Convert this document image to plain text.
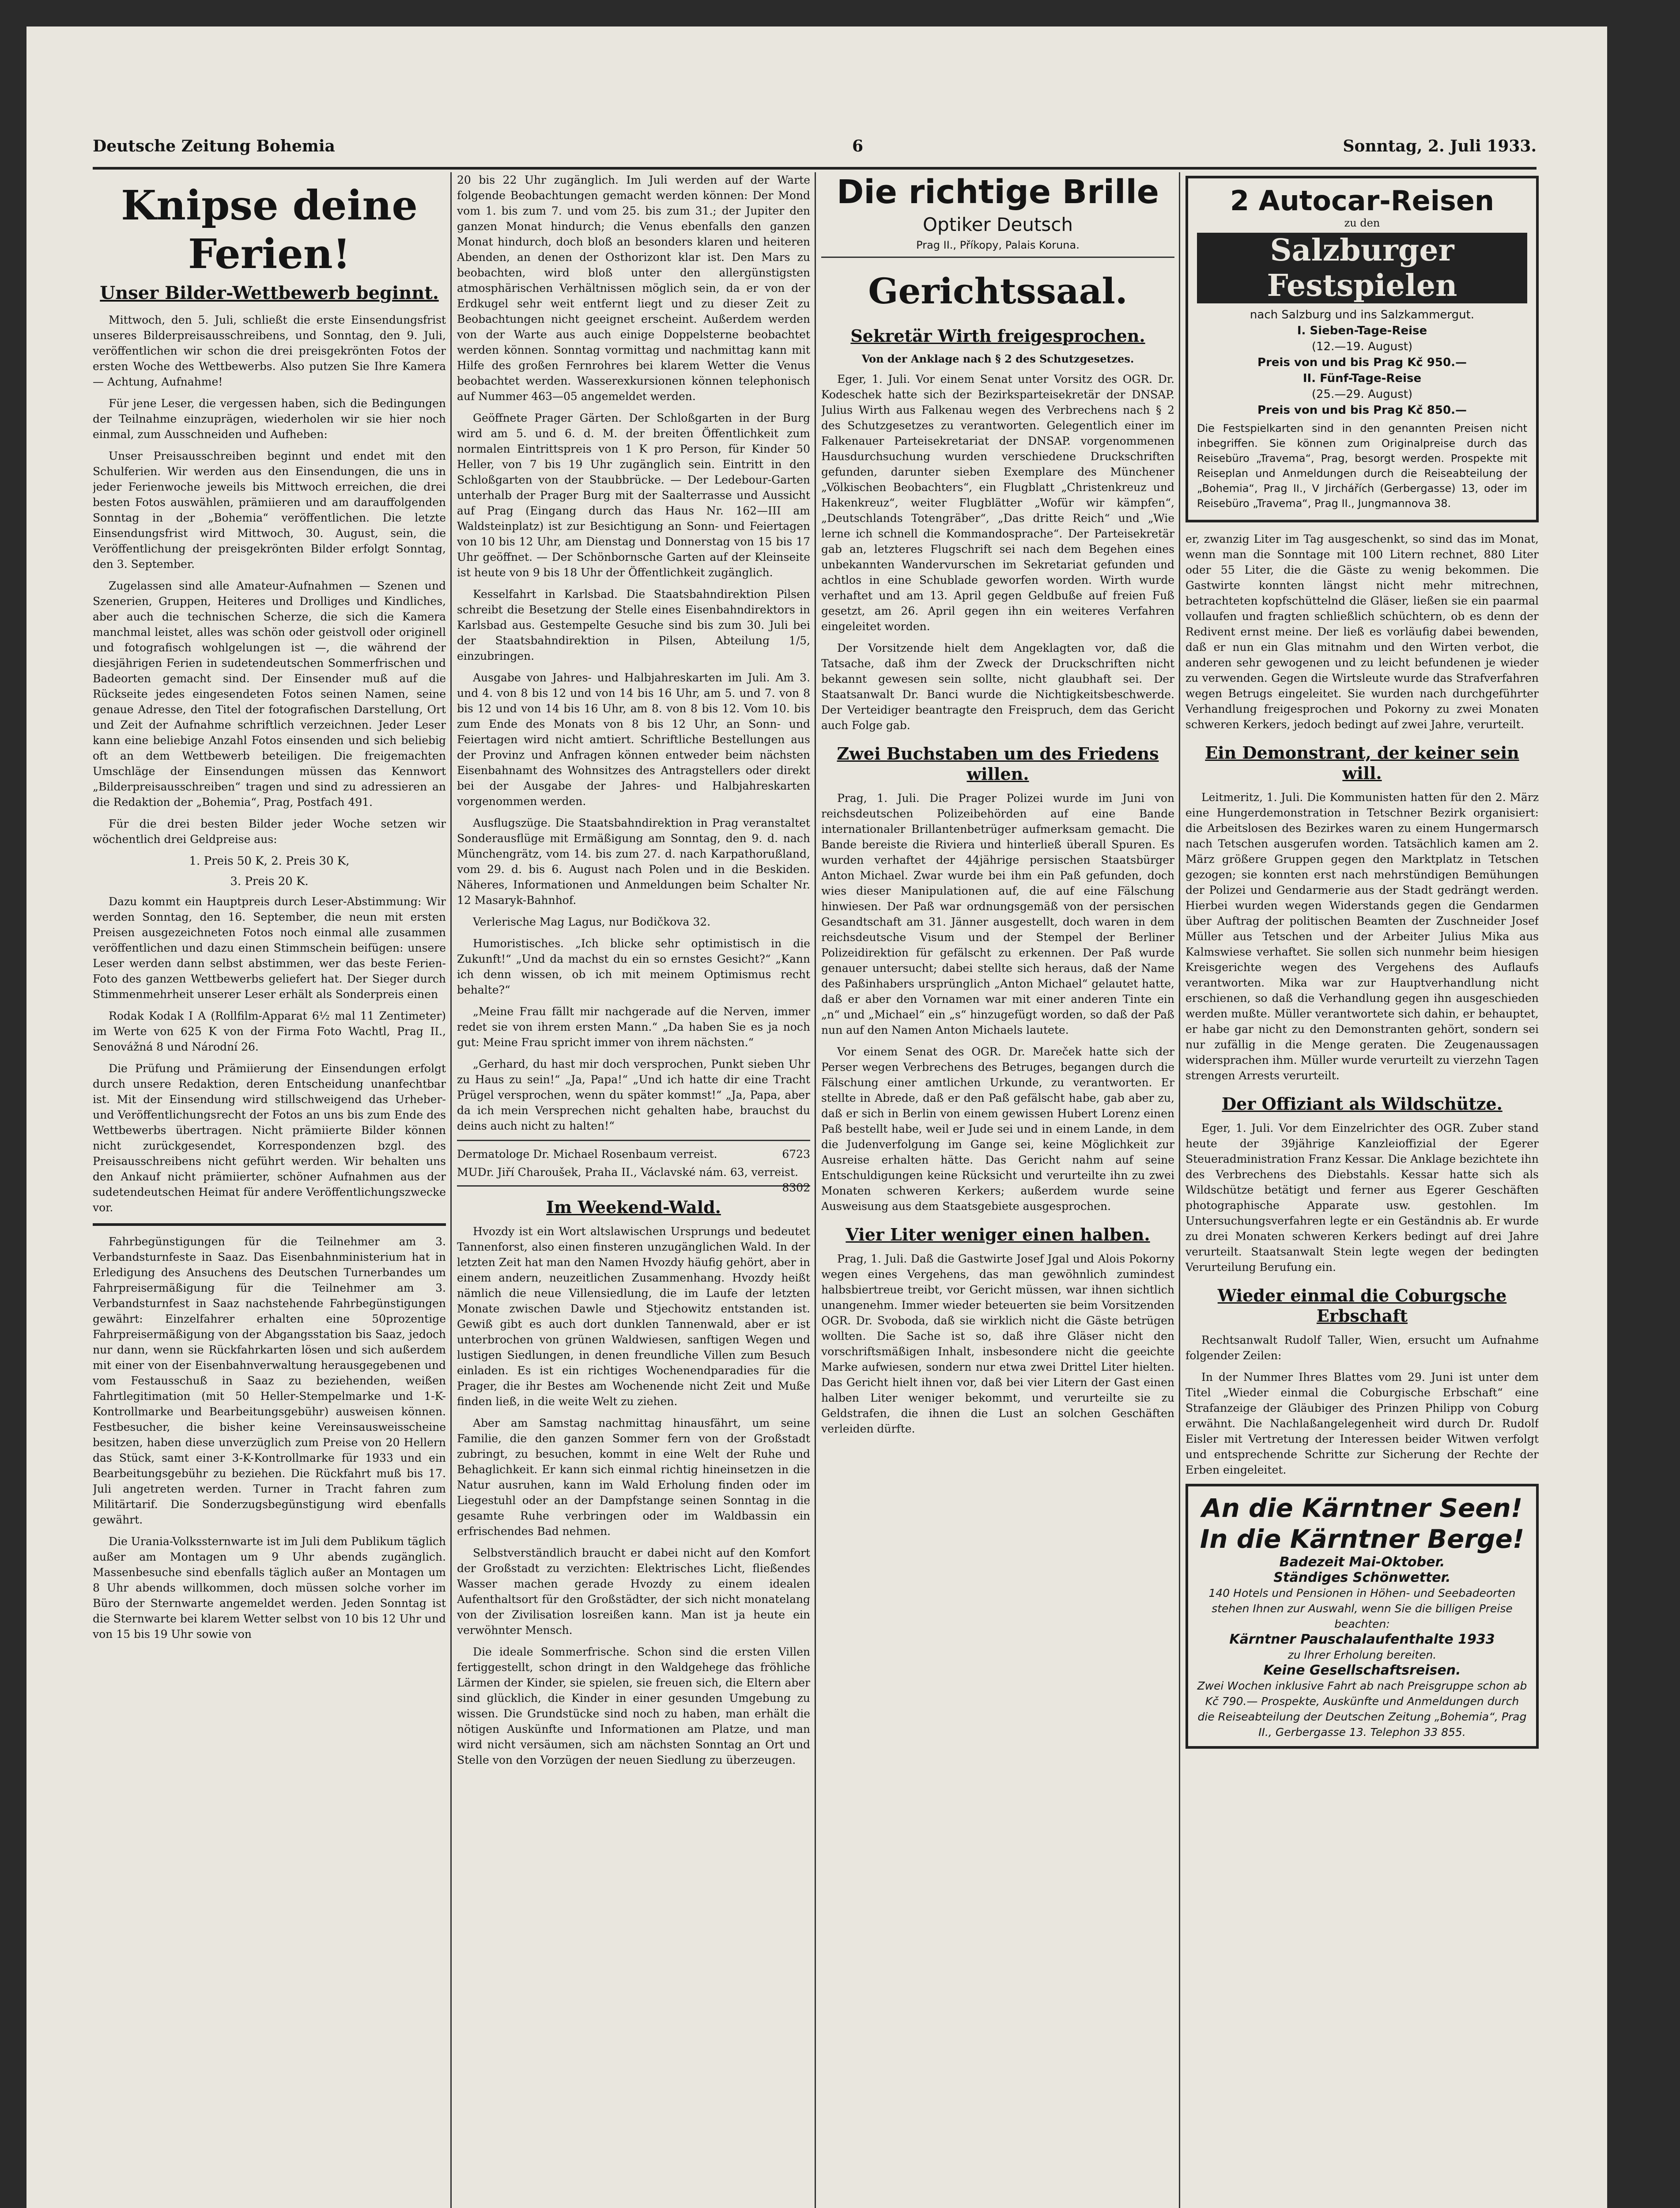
Deutsche Zeitung Bohemia	6	Sonntag, 2. Juli 1933.
Knipse deine Ferien!
Unser Bilder-Wettbewerb beginnt.

Mittwoch, den 5. Juli, schließt die erste Einsendungsfrist unseres Bilderpreisausschreibens, und Sonntag, den 9. Juli, veröffentlichen wir schon die drei preisgekrönten Fotos der ersten Woche des Wettbewerbs. Also putzen Sie Ihre Kamera — Achtung, Aufnahme!

Für jene Leser, die vergessen haben, sich die Bedingungen der Teilnahme einzuprägen, wiederholen wir sie hier noch einmal, zum Ausschneiden und Aufheben:

Unser Preisausschreiben beginnt und endet mit den Schulferien. Wir werden aus den Einsendungen, die uns in jeder Ferienwoche jeweils bis Mittwoch erreichen, die drei besten Fotos auswählen, prämiieren und am darauffolgenden Sonntag in der „Bohemia“ veröffentlichen. Die letzte Einsendungsfrist wird Mittwoch, 30. August, sein, die Veröffentlichung der preisgekrönten Bilder erfolgt Sonntag, den 3. September.

Zugelassen sind alle Amateur-Aufnahmen — Szenen und Szenerien, Gruppen, Heiteres und Drolliges und Kindliches, aber auch die technischen Scherze, die sich die Kamera manchmal leistet, alles was schön oder geistvoll oder originell und fotografisch wohlgelungen ist —, die während der diesjährigen Ferien in sudetendeutschen Sommerfrischen und Badeorten gemacht sind. Der Einsender muß auf die Rückseite jedes eingesendeten Fotos seinen Namen, seine genaue Adresse, den Titel der fotografischen Darstellung, Ort und Zeit der Aufnahme schriftlich verzeichnen. Jeder Leser kann eine beliebige Anzahl Fotos einsenden und sich beliebig oft an dem Wettbewerb beteiligen. Die freigemachten Umschläge der Einsendungen müssen das Kennwort „Bilderpreisausschreiben“ tragen und sind zu adressieren an die Redaktion der „Bohemia“, Prag, Postfach 491.

Für die drei besten Bilder jeder Woche setzen wir wöchentlich drei Geldpreise aus:

1. Preis 50 K, 2. Preis 30 K,
3. Preis 20 K.

Dazu kommt ein Hauptpreis durch Leser-Abstimmung: Wir werden Sonntag, den 16. September, die neun mit ersten Preisen ausgezeichneten Fotos noch einmal alle zusammen veröffentlichen und dazu einen Stimmschein beifügen: unsere Leser werden dann selbst abstimmen, wer das beste Ferien-Foto des ganzen Wettbewerbs geliefert hat. Der Sieger durch Stimmenmehrheit unserer Leser erhält als Sonderpreis einen

Rodak Kodak I A (Rollfilm-Apparat 6½ mal 11 Zentimeter) im Werte von 625 K von der Firma Foto Wachtl, Prag II., Senovážná 8 und Národní 26.

Die Prüfung und Prämiierung der Einsendungen erfolgt durch unsere Redaktion, deren Entscheidung unanfechtbar ist. Mit der Einsendung wird stillschweigend das Urheber- und Veröffentlichungsrecht der Fotos an uns bis zum Ende des Wettbewerbs übertragen. Nicht prämiierte Bilder können nicht zurückgesendet, Korrespondenzen bzgl. des Preisausschreibens nicht geführt werden. Wir behalten uns den Ankauf nicht prämiierter, schöner Aufnahmen aus der sudetendeutschen Heimat für andere Veröffentlichungszwecke vor.

Fahrbegünstigungen für die Teilnehmer am 3. Verbandsturnfeste in Saaz. Das Eisenbahnministerium hat in Erledigung des Ansuchens des Deutschen Turnerbandes um Fahrpreisermäßigung für die Teilnehmer am 3. Verbandsturnfest in Saaz nachstehende Fahrbegünstigungen gewährt: Einzelfahrer erhalten eine 50prozentige Fahrpreisermäßigung von der Abgangsstation bis Saaz, jedoch nur dann, wenn sie Rückfahrkarten lösen und sich außerdem mit einer von der Eisenbahnverwaltung herausgegebenen und vom Festausschuß in Saaz zu beziehenden, weißen Fahrtlegitimation (mit 50 Heller-Stempelmarke und 1-K-Kontrollmarke und Bearbeitungsgebühr) ausweisen können. Festbesucher, die bisher keine Vereinsausweisscheine besitzen, haben diese unverzüglich zum Preise von 20 Hellern das Stück, samt einer 3-K-Kontrollmarke für 1933 und ein Bearbeitungsgebühr zu beziehen. Die Rückfahrt muß bis 17. Juli angetreten werden. Turner in Tracht fahren zum Militärtarif. Die Sonderzugsbegünstigung wird ebenfalls gewährt.

Die Urania-Volkssternwarte ist im Juli dem Publikum täglich außer am Montagen um 9 Uhr abends zugänglich. Massenbesuche sind ebenfalls täglich außer an Montagen um 8 Uhr abends willkommen, doch müssen solche vorher im Büro der Sternwarte angemeldet werden. Jeden Sonntag ist die Sternwarte bei klarem Wetter selbst von 10 bis 12 Uhr und von 15 bis 19 Uhr sowie von

20 bis 22 Uhr zugänglich. Im Juli werden auf der Warte folgende Beobachtungen gemacht werden können: Der Mond vom 1. bis zum 7. und vom 25. bis zum 31.; der Jupiter den ganzen Monat hindurch; die Venus ebenfalls den ganzen Monat hindurch, doch bloß an besonders klaren und heiteren Abenden, an denen der Osthorizont klar ist. Den Mars zu beobachten, wird bloß unter den allergünstigsten atmosphärischen Verhältnissen möglich sein, da er von der Erdkugel sehr weit entfernt liegt und zu dieser Zeit zu Beobachtungen nicht geeignet erscheint. Außerdem werden von der Warte aus auch einige Doppelsterne beobachtet werden können. Sonntag vormittag und nachmittag kann mit Hilfe des großen Fernrohres bei klarem Wetter die Venus beobachtet werden. Wasserexkursionen können telephonisch auf Nummer 463—05 angemeldet werden.

Geöffnete Prager Gärten. Der Schloßgarten in der Burg wird am 5. und 6. d. M. der breiten Öffentlichkeit zum normalen Eintrittspreis von 1 K pro Person, für Kinder 50 Heller, von 7 bis 19 Uhr zugänglich sein. Eintritt in den Schloßgarten von der Staubbrücke. — Der Ledebour-Garten unterhalb der Prager Burg mit der Saalterrasse und Aussicht auf Prag (Eingang durch das Haus Nr. 162—III am Waldsteinplatz) ist zur Besichtigung an Sonn- und Feiertagen von 10 bis 12 Uhr, am Dienstag und Donnerstag von 15 bis 17 Uhr geöffnet. — Der Schönbornsche Garten auf der Kleinseite ist heute von 9 bis 18 Uhr der Öffentlichkeit zugänglich.

Kesselfahrt in Karlsbad. Die Staatsbahndirektion Pilsen schreibt die Besetzung der Stelle eines Eisenbahndirektors in Karlsbad aus. Gestempelte Gesuche sind bis zum 30. Juli bei der Staatsbahndirektion in Pilsen, Abteilung 1/5, einzubringen.

Ausgabe von Jahres- und Halbjahreskarten im Juli. Am 3. und 4. von 8 bis 12 und von 14 bis 16 Uhr, am 5. und 7. von 8 bis 12 und von 14 bis 16 Uhr, am 8. von 8 bis 12. Vom 10. bis zum Ende des Monats von 8 bis 12 Uhr, an Sonn- und Feiertagen wird nicht amtiert. Schriftliche Bestellungen aus der Provinz und Anfragen können entweder beim nächsten Eisenbahnamt des Wohnsitzes des Antragstellers oder direkt bei der Ausgabe der Jahres- und Halbjahreskarten vorgenommen werden.

Ausflugszüge. Die Staatsbahndirektion in Prag veranstaltet Sonderausflüge mit Ermäßigung am Sonntag, den 9. d. nach Münchengrätz, vom 14. bis zum 27. d. nach Karpathorußland, vom 29. d. bis 6. August nach Polen und in die Beskiden. Näheres, Informationen und Anmeldungen beim Schalter Nr. 12 Masaryk-Bahnhof.

Verlerische Mag Lagus, nur Bodičkova 32.

Humoristisches. „Ich blicke sehr optimistisch in die Zukunft!“ „Und da machst du ein so ernstes Gesicht?“ „Kann ich denn wissen, ob ich mit meinem Optimismus recht behalte?“

„Meine Frau fällt mir nachgerade auf die Nerven, immer redet sie von ihrem ersten Mann.“ „Da haben Sie es ja noch gut: Meine Frau spricht immer von ihrem nächsten.“

„Gerhard, du hast mir doch versprochen, Punkt sieben Uhr zu Haus zu sein!“ „Ja, Papa!“ „Und ich hatte dir eine Tracht Prügel versprochen, wenn du später kommst!“ „Ja, Papa, aber da ich mein Versprechen nicht gehalten habe, brauchst du deins auch nicht zu halten!“

Dermatologe Dr. Michael Rosenbaum verreist.	6723
MUDr. Jiří Charoušek, Praha II., Václavské nám. 63, verreist.
8302
Im Weekend-Wald.

Hvozdy ist ein Wort altslawischen Ursprungs und bedeutet Tannenforst, also einen finsteren unzugänglichen Wald. In der letzten Zeit hat man den Namen Hvozdy häufig gehört, aber in einem andern, neuzeitlichen Zusammenhang. Hvozdy heißt nämlich die neue Villensiedlung, die im Laufe der letzten Monate zwischen Dawle und Stjechowitz entstanden ist. Gewiß gibt es auch dort dunklen Tannenwald, aber er ist unterbrochen von grünen Waldwiesen, sanftigen Wegen und lustigen Siedlungen, in denen freundliche Villen zum Besuch einladen. Es ist ein richtiges Wochenendparadies für die Prager, die ihr Bestes am Wochenende nicht Zeit und Muße finden ließ, in die weite Welt zu ziehen.

Aber am Samstag nachmittag hinausfährt, um seine Familie, die den ganzen Sommer fern von der Großstadt zubringt, zu besuchen, kommt in eine Welt der Ruhe und Behaglichkeit. Er kann sich einmal richtig hineinsetzen in die Natur ausruhen, kann im Wald Erholung finden oder im Liegestuhl oder an der Dampfstange seinen Sonntag in die gesamte Ruhe verbringen oder im Waldbassin ein erfrischendes Bad nehmen.

Selbstverständlich braucht er dabei nicht auf den Komfort der Großstadt zu verzichten: Elektrisches Licht, fließendes Wasser machen gerade Hvozdy zu einem idealen Aufenthaltsort für den Großstädter, der sich nicht monatelang von der Zivilisation losreißen kann. Man ist ja heute ein verwöhnter Mensch.

Die ideale Sommerfrische. Schon sind die ersten Villen fertiggestellt, schon dringt in den Waldgehege das fröhliche Lärmen der Kinder, sie spielen, sie freuen sich, die Eltern aber sind glücklich, die Kinder in einer gesunden Umgebung zu wissen. Die Grundstücke sind noch zu haben, man erhält die nötigen Auskünfte und Informationen am Platze, und man wird nicht versäumen, sich am nächsten Sonntag an Ort und Stelle von den Vorzügen der neuen Siedlung zu überzeugen.

Die richtige Brille
Optiker Deutsch
Prag II., Příkopy, Palais Koruna.
Gerichtssaal.
Sekretär Wirth freigesprochen.
Von der Anklage nach § 2 des Schutzgesetzes.

Eger, 1. Juli. Vor einem Senat unter Vorsitz des OGR. Dr. Kodeschek hatte sich der Bezirksparteisekretär der DNSAP. Julius Wirth aus Falkenau wegen des Verbrechens nach § 2 des Schutzgesetzes zu verantworten. Gelegentlich einer im Falkenauer Parteisekretariat der DNSAP. vorgenommenen Hausdurchsuchung wurden verschiedene Druckschriften gefunden, darunter sieben Exemplare des Münchener „Völkischen Beobachters“, ein Flugblatt „Christenkreuz und Hakenkreuz“, weiter Flugblätter „Wofür wir kämpfen“, „Deutschlands Totengräber“, „Das dritte Reich“ und „Wie lerne ich schnell die Kommandosprache“. Der Parteisekretär gab an, letzteres Flugschrift sei nach dem Begehen eines unbekannten Wandervurschen im Sekretariat gefunden und achtlos in eine Schublade geworfen worden. Wirth wurde verhaftet und am 13. April gegen Geldbuße auf freien Fuß gesetzt, am 26. April gegen ihn ein weiteres Verfahren eingeleitet worden.

Der Vorsitzende hielt dem Angeklagten vor, daß die Tatsache, daß ihm der Zweck der Druckschriften nicht bekannt gewesen sein sollte, nicht glaubhaft sei. Der Staatsanwalt Dr. Banci wurde die Nichtigkeitsbeschwerde. Der Verteidiger beantragte den Freispruch, dem das Gericht auch Folge gab.

Zwei Buchstaben um des Friedens willen.

Prag, 1. Juli. Die Prager Polizei wurde im Juni von reichsdeutschen Polizeibehörden auf eine Bande internationaler Brillantenbetrüger aufmerksam gemacht. Die Bande bereiste die Riviera und hinterließ überall Spuren. Es wurden verhaftet der 44jährige persischen Staatsbürger Anton Michael. Zwar wurde bei ihm ein Paß gefunden, doch wies dieser Manipulationen auf, die auf eine Fälschung hinwiesen. Der Paß war ordnungsgemäß von der persischen Gesandtschaft am 31. Jänner ausgestellt, doch waren in dem reichsdeutsche Visum und der Stempel der Berliner Polizeidirektion für gefälscht zu erkennen. Der Paß wurde genauer untersucht; dabei stellte sich heraus, daß der Name des Paßinhabers ursprünglich „Anton Michael“ gelautet hatte, daß er aber den Vornamen war mit einer anderen Tinte ein „n“ und „Michael“ ein „s“ hinzugefügt worden, so daß der Paß nun auf den Namen Anton Michaels lautete.

Vor einem Senat des OGR. Dr. Mareček hatte sich der Perser wegen Verbrechens des Betruges, begangen durch die Fälschung einer amtlichen Urkunde, zu verantworten. Er stellte in Abrede, daß er den Paß gefälscht habe, gab aber zu, daß er sich in Berlin von einem gewissen Hubert Lorenz einen Paß bestellt habe, weil er Jude sei und in einem Lande, in dem die Judenverfolgung im Gange sei, keine Möglichkeit zur Ausreise erhalten hätte. Das Gericht nahm auf seine Entschuldigungen keine Rücksicht und verurteilte ihn zu zwei Monaten schweren Kerkers; außerdem wurde seine Ausweisung aus dem Staatsgebiete ausgesprochen.

Vier Liter weniger einen halben.

Prag, 1. Juli. Daß die Gastwirte Josef Jgal und Alois Pokorny wegen eines Vergehens, das man gewöhnlich zumindest halbsbiertreue treibt, vor Gericht müssen, war ihnen sichtlich unangenehm. Immer wieder beteuerten sie beim Vorsitzenden OGR. Dr. Svoboda, daß sie wirklich nicht die Gäste betrügen wollten. Die Sache ist so, daß ihre Gläser nicht den vorschriftsmäßigen Inhalt, insbesondere nicht die geeichte Marke aufwiesen, sondern nur etwa zwei Drittel Liter hielten. Das Gericht hielt ihnen vor, daß bei vier Litern der Gast einen halben Liter weniger bekommt, und verurteilte sie zu Geldstrafen, die ihnen die Lust an solchen Geschäften verleiden dürfte.

2 Autocar-Reisen
zu den
Salzburger Festspielen
nach Salzburg und ins Salzkammergut.
I. Sieben-Tage-Reise
(12.—19. August)
Preis von und bis Prag Kč 950.—
II. Fünf-Tage-Reise
(25.—29. August)
Preis von und bis Prag Kč 850.—

Die Festspielkarten sind in den genannten Preisen nicht inbegriffen. Sie können zum Originalpreise durch das Reisebüro „Travema“, Prag, besorgt werden. Prospekte mit Reiseplan und Anmeldungen durch die Reiseabteilung der „Bohemia“, Prag II., V Jirchářích (Gerbergasse) 13, oder im Reisebüro „Travema“, Prag II., Jungmannova 38.

er, zwanzig Liter im Tag ausgeschenkt, so sind das im Monat, wenn man die Sonntage mit 100 Litern rechnet, 880 Liter oder 55 Liter, die die Gäste zu wenig bekommen. Die Gastwirte konnten längst nicht mehr mitrechnen, betrachteten kopfschüttelnd die Gläser, ließen sie ein paarmal vollaufen und fragten schließlich schüchtern, ob es denn der Redivent ernst meine. Der ließ es vorläufig dabei bewenden, daß er nun ein Glas mitnahm und den Wirten verbot, die anderen sehr gewogenen und zu leicht befundenen je wieder zu verwenden. Gegen die Wirtsleute wurde das Strafverfahren wegen Betrugs eingeleitet. Sie wurden nach durchgeführter Verhandlung freigesprochen und Pokorny zu zwei Monaten schweren Kerkers, jedoch bedingt auf zwei Jahre, verurteilt.

Ein Demonstrant, der keiner sein will.

Leitmeritz, 1. Juli. Die Kommunisten hatten für den 2. März eine Hungerdemonstration in Tetschner Bezirk organisiert: die Arbeitslosen des Bezirkes waren zu einem Hungermarsch nach Tetschen ausgerufen worden. Tatsächlich kamen am 2. März größere Gruppen gegen den Marktplatz in Tetschen gezogen; sie konnten erst nach mehrstündigen Bemühungen der Polizei und Gendarmerie aus der Stadt gedrängt werden. Hierbei wurden wegen Widerstands gegen die Gendarmen über Auftrag der politischen Beamten der Zuschneider Josef Müller aus Tetschen und der Arbeiter Julius Mika aus Kalmswiese verhaftet. Sie sollen sich nunmehr beim hiesigen Kreisgerichte wegen des Vergehens des Auflaufs verantworten. Mika war zur Hauptverhandlung nicht erschienen, so daß die Verhandlung gegen ihn ausgeschieden werden mußte. Müller verantwortete sich dahin, er behauptet, er habe gar nicht zu den Demonstranten gehört, sondern sei nur zufällig in die Menge geraten. Die Zeugenaussagen widersprachen ihm. Müller wurde verurteilt zu vierzehn Tagen strengen Arrests verurteilt.

Der Offiziant als Wildschütze.

Eger, 1. Juli. Vor dem Einzelrichter des OGR. Zuber stand heute der 39jährige Kanzleioffizial der Egerer Steueradministration Franz Kessar. Die Anklage bezichtete ihn des Verbrechens des Diebstahls. Kessar hatte sich als Wildschütze betätigt und ferner aus Egerer Geschäften photographische Apparate usw. gestohlen. Im Untersuchungsverfahren legte er ein Geständnis ab. Er wurde zu drei Monaten schweren Kerkers bedingt auf drei Jahre verurteilt. Staatsanwalt Stein legte wegen der bedingten Verurteilung Berufung ein.

Wieder einmal die Coburgsche Erbschaft

Rechtsanwalt Rudolf Taller, Wien, ersucht um Aufnahme folgender Zeilen:

In der Nummer Ihres Blattes vom 29. Juni ist unter dem Titel „Wieder einmal die Coburgische Erbschaft“ eine Strafanzeige der Gläubiger des Prinzen Philipp von Coburg erwähnt. Die Nachlaßangelegenheit wird durch Dr. Rudolf Eisler mit Vertretung der Interessen beider Witwen verfolgt und entsprechende Schritte zur Sicherung der Rechte der Erben eingeleitet.

An die Kärntner Seen!
In die Kärntner Berge!
Badezeit Mai-Oktober.
Ständiges Schönwetter.
140 Hotels und Pensionen in Höhen- und Seebadeorten stehen Ihnen zur Auswahl, wenn Sie die billigen Preise beachten:
Kärntner Pauschalaufenthalte 1933
zu Ihrer Erholung bereiten.
Keine Gesellschaftsreisen.
Zwei Wochen inklusive Fahrt ab nach Preisgruppe schon ab Kč 790.— Prospekte, Auskünfte und Anmeldungen durch die Reiseabteilung der Deutschen Zeitung „Bohemia“, Prag II., Gerbergasse 13. Telephon 33 855.
